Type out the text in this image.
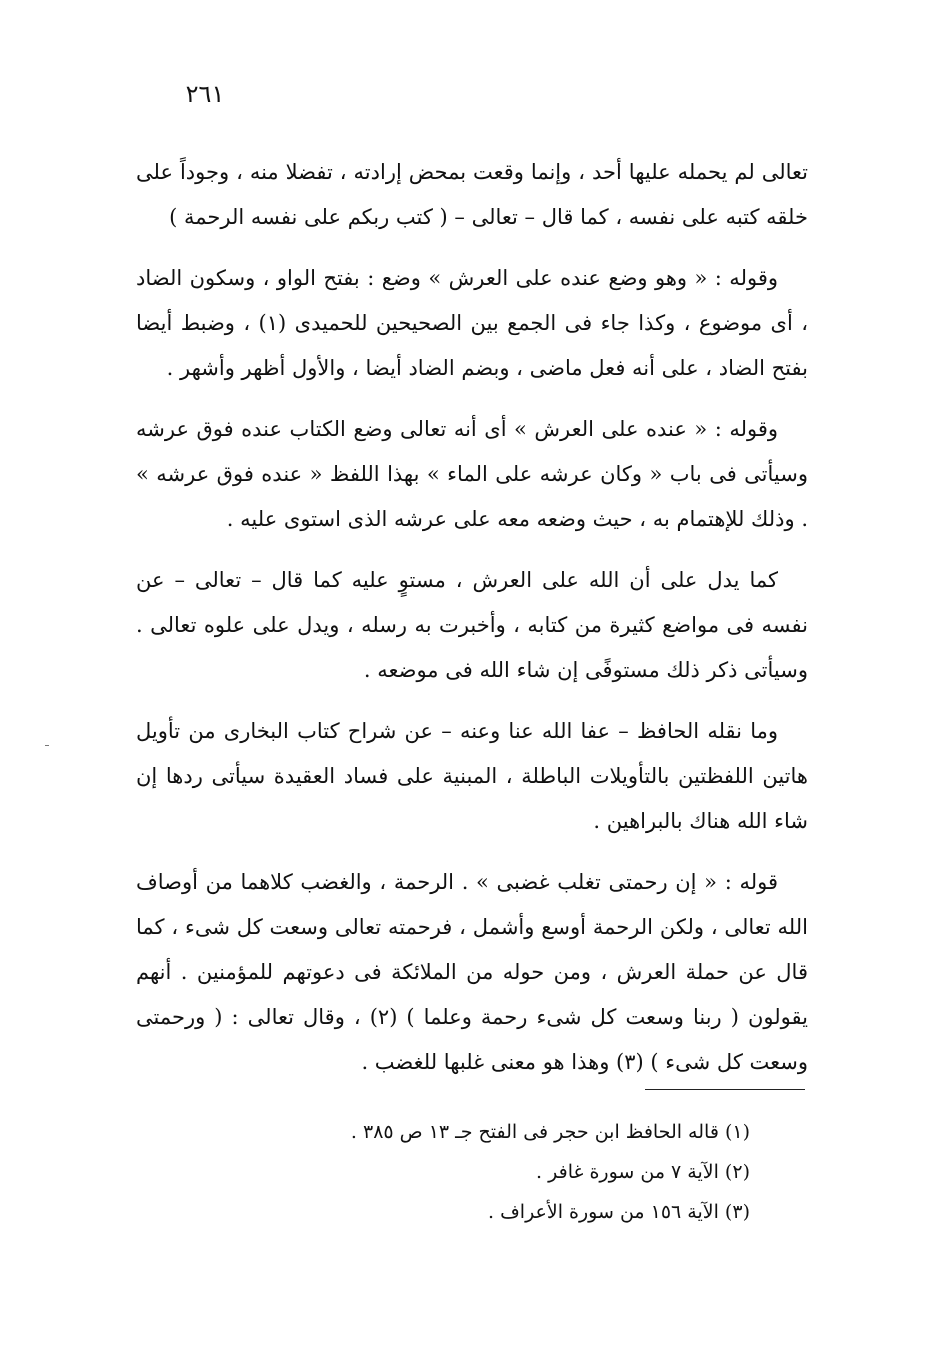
٢٦١

تعالى لم يحمله عليها أحد ، وإنما وقعت بمحض إرادته ، تفضلا منه ، وجوداً على خلقه كتبه على نفسه ، كما قال – تعالى – ( كتب ربكم على نفسه الرحمة )

وقوله : « وهو وضع عنده على العرش » وضع : بفتح الواو ، وسكون الضاد ، أى موضوع ، وكذا جاء فى الجمع بين الصحيحين للحميدى (١) ، وضبط أيضا بفتح الضاد ، على أنه فعل ماضى ، وبضم الضاد أيضا ، والأول أظهر وأشهر .

وقوله : « عنده على العرش » أى أنه تعالى وضع الكتاب عنده فوق عرشه وسيأتى فى باب « وكان عرشه على الماء » بهذا اللفظ « عنده فوق عرشه » . وذلك للإهتمام به ، حيث وضعه معه على عرشه الذى استوى عليه .

كما يدل على أن الله على العرش ، مستوٍ عليه كما قال – تعالى – عن نفسه فى مواضع كثيرة من كتابه ، وأخبرت به رسله ، ويدل على علوه تعالى . وسيأتى ذكر ذلك مستوفًى إن شاء الله فى موضعه .

وما نقله الحافظ – عفا الله عنا وعنه – عن شراح كتاب البخارى من تأويل هاتين اللفظتين بالتأويلات الباطلة ، المبنية على فساد العقيدة سيأتى ردها إن شاء الله هناك بالبراهين .

قوله : « إن رحمتى تغلب غضبى » . الرحمة ، والغضب كلاهما من أوصاف الله تعالى ، ولكن الرحمة أوسع وأشمل ، فرحمته تعالى وسعت كل شىء ، كما قال عن حملة العرش ، ومن حوله من الملائكة فى دعوتهم للمؤمنين . أنهم يقولون ( ربنا وسعت كل شىء رحمة وعلما ) (٢) ، وقال تعالى : ( ورحمتى وسعت كل شىء ) (٣) وهذا هو معنى غلبها للغضب .

(١) قاله الحافظ ابن حجر فى الفتح جـ ١٣ ص ٣٨٥ .
(٢) الآية ٧ من سورة غافر .
(٣) الآية ١٥٦ من سورة الأعراف .
